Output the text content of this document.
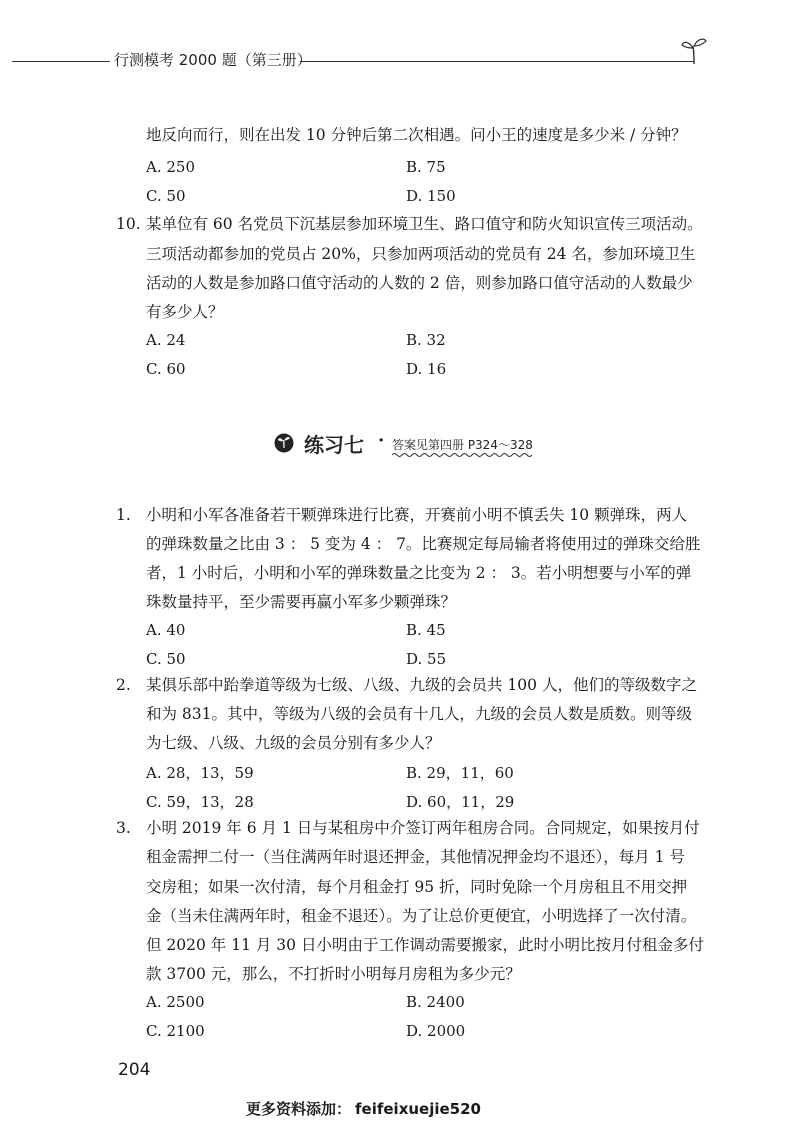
行测模考 2000 题（第三册）
地反向而行，则在出发 10 分钟后第二次相遇。问小王的速度是多少米 / 分钟？
A. 250	B. 75
C. 50	D. 150
10. 某单位有 60 名党员下沉基层参加环境卫生、路口值守和防火知识宣传三项活动。
三项活动都参加的党员占 20%，只参加两项活动的党员有 24 名，参加环境卫生
活动的人数是参加路口值守活动的人数的 2 倍，则参加路口值守活动的人数最少
有多少人？
A. 24	B. 32
C. 60	D. 16
练习七 · 答案见第四册 P324～328
1. 小明和小军各准备若干颗弹珠进行比赛，开赛前小明不慎丢失 10 颗弹珠，两人
的弹珠数量之比由 3 ： 5 变为 4 ： 7。比赛规定每局输者将使用过的弹珠交给胜
者，1 小时后，小明和小军的弹珠数量之比变为 2 ： 3。若小明想要与小军的弹
珠数量持平，至少需要再赢小军多少颗弹珠？
A. 40	B. 45
C. 50	D. 55
2. 某俱乐部中跆拳道等级为七级、八级、九级的会员共 100 人，他们的等级数字之
和为 831。其中，等级为八级的会员有十几人，九级的会员人数是质数。则等级
为七级、八级、九级的会员分别有多少人？
A. 28，13，59	B. 29，11，60
C. 59，13，28	D. 60，11，29
3. 小明 2019 年 6 月 1 日与某租房中介签订两年租房合同。合同规定，如果按月付
租金需押二付一（当住满两年时退还押金，其他情况押金均不退还），每月 1 号
交房租；如果一次付清，每个月租金打 95 折，同时免除一个月房租且不用交押
金（当未住满两年时，租金不退还）。为了让总价更便宜，小明选择了一次付清。
但 2020 年 11 月 30 日小明由于工作调动需要搬家，此时小明比按月付租金多付
款 3700 元，那么，不打折时小明每月房租为多少元？
A. 2500	B. 2400
C. 2100	D. 2000
204
更多资料添加： feifeixuejie520
